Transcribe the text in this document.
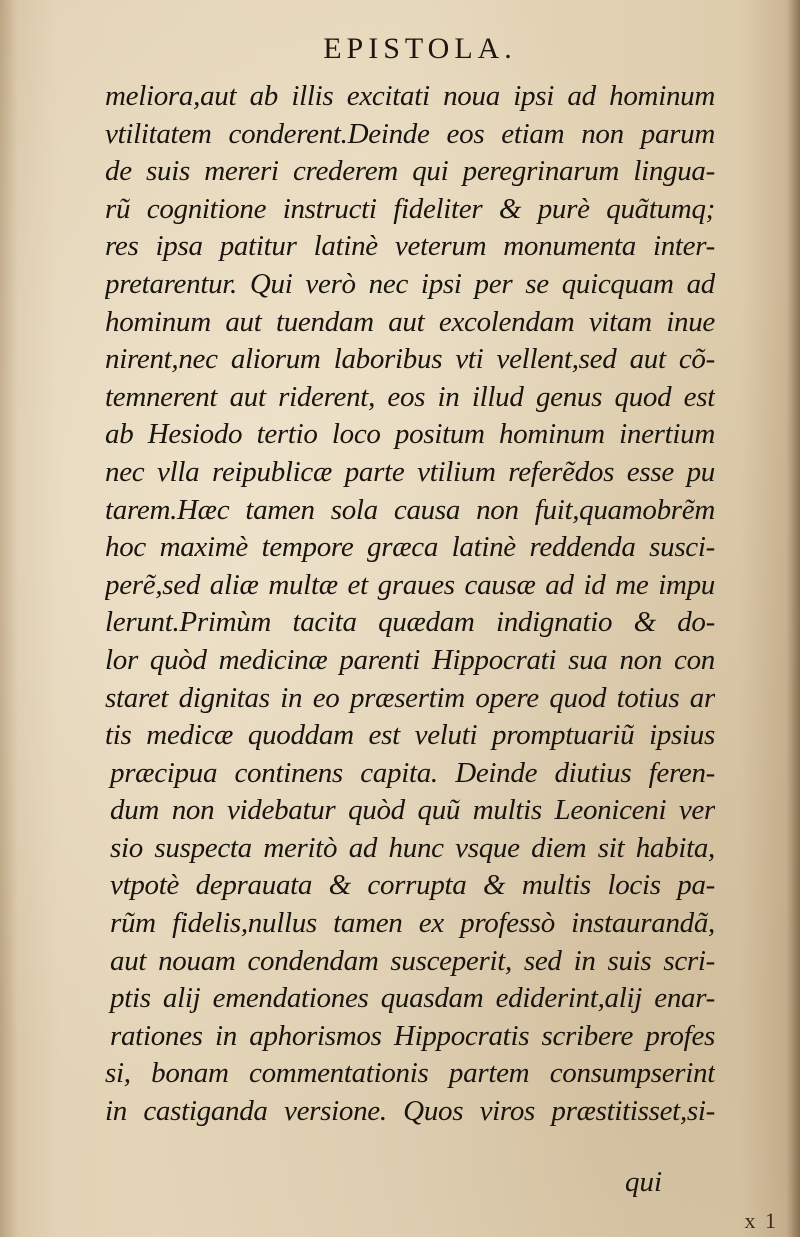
EPISTOLA.
meliora,aut ab illis excitati noua ipsi ad hominum
vtilitatem conderent.Deinde eos etiam non parum
de suis mereri crederem qui peregrinarum lingua-
rũ cognitione instructi fideliter & purè quãtumq;
res ipsa patitur latinè veterum monumenta inter-
pretarentur. Qui verò nec ipsi per se quicquam ad
hominum aut tuendam aut excolendam vitam inue
nirent,nec aliorum laboribus vti vellent,sed aut cõ-
temnerent aut riderent, eos in illud genus quod est
ab Hesiodo tertio loco positum hominum inertium
nec vlla reipublicæ parte vtilium referẽdos esse pu
tarem.Hæc tamen sola causa non fuit,quamobrẽm
hoc maximè tempore græca latinè reddenda susci-
perẽ,sed aliæ multæ et graues causæ ad id me impu
lerunt.Primùm tacita quædam indignatio & do-
lor quòd medicinæ parenti Hippocrati sua non con
staret dignitas in eo præsertim opere quod totius ar
tis medicæ quoddam est veluti promptuariũ ipsius
præcipua continens capita. Deinde diutius feren-
dum non videbatur quòd quũ multis Leoniceni ver
sio suspecta meritò ad hunc vsque diem sit habita,
vtpotè deprauata & corrupta & multis locis pa-
rũm fidelis,nullus tamen ex professò instaurandã,
aut nouam condendam susceperit, sed in suis scri-
ptis alij emendationes quasdam ediderint,alij enar-
rationes in aphorismos Hippocratis scribere profes
si, bonam commentationis partem consumpserint
in castiganda versione. Quos viros præstitisset,si-
qui
x 1
